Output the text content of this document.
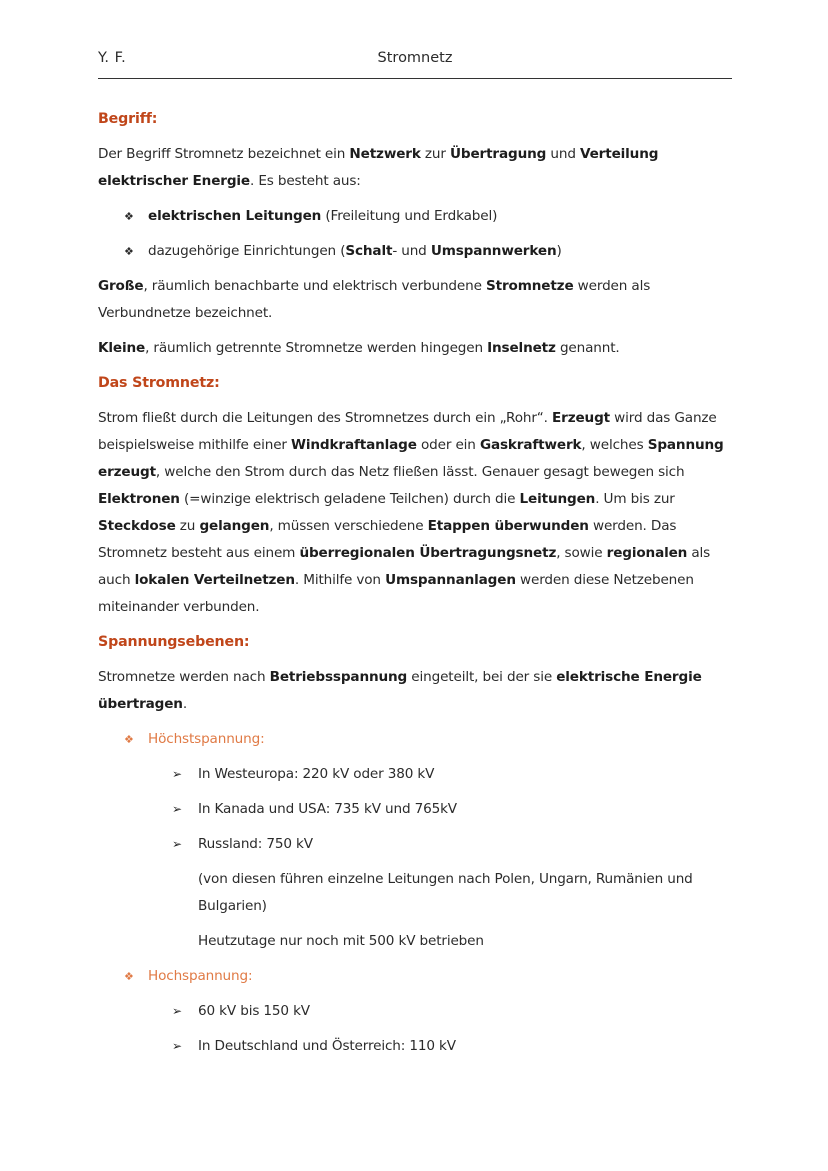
Y. F.	Stromnetz
Begriff:

Der Begriff Stromnetz bezeichnet ein Netzwerk zur Übertragung und Verteilung elektrischer Energie. Es besteht aus:

❖ elektrischen Leitungen (Freileitung und Erdkabel)
❖ dazugehörige Einrichtungen (Schalt- und Umspannwerken)

Große, räumlich benachbarte und elektrisch verbundene Stromnetze werden als Verbundnetze bezeichnet.

Kleine, räumlich getrennte Stromnetze werden hingegen Inselnetz genannt.

Das Stromnetz:

Strom fließt durch die Leitungen des Stromnetzes durch ein „Rohr“. Erzeugt wird das Ganze beispielsweise mithilfe einer Windkraftanlage oder ein Gaskraftwerk, welches Spannung erzeugt, welche den Strom durch das Netz fließen lässt. Genauer gesagt bewegen sich Elektronen (=winzige elektrisch geladene Teilchen) durch die Leitungen. Um bis zur Steckdose zu gelangen, müssen verschiedene Etappen überwunden werden. Das Stromnetz besteht aus einem überregionalen Übertragungsnetz, sowie regionalen als auch lokalen Verteilnetzen. Mithilfe von Umspannanlagen werden diese Netzebenen miteinander verbunden.

Spannungsebenen:

Stromnetze werden nach Betriebsspannung eingeteilt, bei der sie elektrische Energie übertragen.

❖ Höchstspannung:
➢ In Westeuropa: 220 kV oder 380 kV
➢ In Kanada und USA: 735 kV und 765kV
➢ Russland: 750 kV

(von diesen führen einzelne Leitungen nach Polen, Ungarn, Rumänien und Bulgarien)

Heutzutage nur noch mit 500 kV betrieben

❖ Hochspannung:
➢ 60 kV bis 150 kV
➢ In Deutschland und Österreich: 110 kV
